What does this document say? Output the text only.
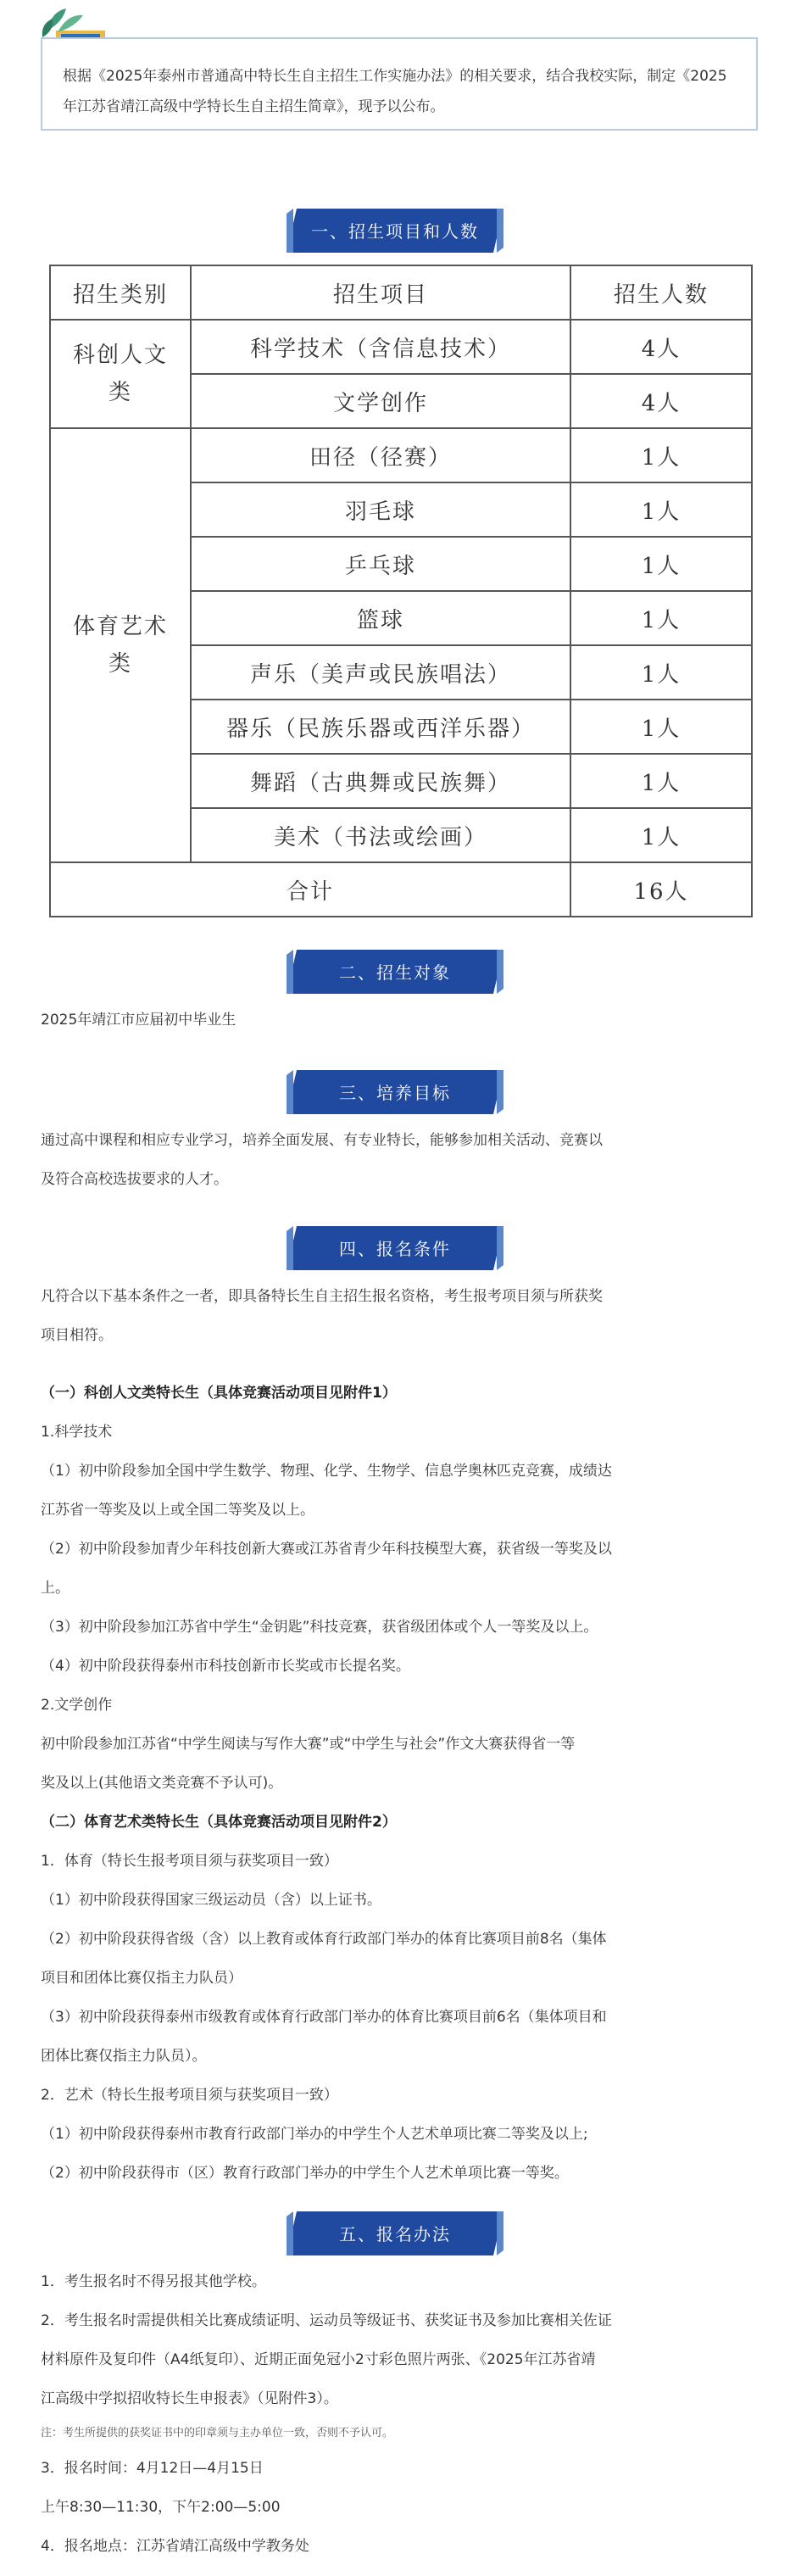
根据《2025年泰州市普通高中特长生自主招生工作实施办法》的相关要求，结合我校实际，制定《2025年江苏省靖江高级中学特长生自主招生简章》，现予以公布。
一、招生项目和人数
招生类别	招生项目	招生人数
科创人文类	科学技术（含信息技术）	4人
	文学创作	4人
体育艺术类	田径（径赛）	1人
	羽毛球	1人
	乒乓球	1人
	篮球	1人
	声乐（美声或民族唱法）	1人
	器乐（民族乐器或西洋乐器）	1人
	舞蹈（古典舞或民族舞）	1人
	美术（书法或绘画）	1人
合计		16人
二、招生对象
2025年靖江市应届初中毕业生
三、培养目标
通过高中课程和相应专业学习，培养全面发展、有专业特长，能够参加相关活动、竞赛以
及符合高校选拔要求的人才。
四、报名条件
凡符合以下基本条件之一者，即具备特长生自主招生报名资格，考生报考项目须与所获奖
项目相符。
（一）科创人文类特长生（具体竞赛活动项目见附件1）
1.科学技术
（1）初中阶段参加全国中学生数学、物理、化学、生物学、信息学奥林匹克竞赛，成绩达
江苏省一等奖及以上或全国二等奖及以上。
（2）初中阶段参加青少年科技创新大赛或江苏省青少年科技模型大赛，获省级一等奖及以
上。
（3）初中阶段参加江苏省中学生“金钥匙”科技竞赛，获省级团体或个人一等奖及以上。
（4）初中阶段获得泰州市科技创新市长奖或市长提名奖。
2.文学创作
初中阶段参加江苏省“中学生阅读与写作大赛”或“中学生与社会”作文大赛获得省一等
奖及以上(其他语文类竞赛不予认可)。
（二）体育艺术类特长生（具体竞赛活动项目见附件2）
1．体育（特长生报考项目须与获奖项目一致）
（1）初中阶段获得国家三级运动员（含）以上证书。
（2）初中阶段获得省级（含）以上教育或体育行政部门举办的体育比赛项目前8名（集体
项目和团体比赛仅指主力队员）
（3）初中阶段获得泰州市级教育或体育行政部门举办的体育比赛项目前6名（集体项目和
团体比赛仅指主力队员）。
2．艺术（特长生报考项目须与获奖项目一致）
（1）初中阶段获得泰州市教育行政部门举办的中学生个人艺术单项比赛二等奖及以上;
（2）初中阶段获得市（区）教育行政部门举办的中学生个人艺术单项比赛一等奖。
五、报名办法
1．考生报名时不得另报其他学校。
2．考生报名时需提供相关比赛成绩证明、运动员等级证书、获奖证书及参加比赛相关佐证
材料原件及复印件（A4纸复印）、近期正面免冠小2寸彩色照片两张、《2025年江苏省靖
江高级中学拟招收特长生申报表》（见附件3）。
注：考生所提供的获奖证书中的印章须与主办单位一致，否则不予认可。
3．报名时间：4月12日—4月15日
上午8:30—11:30，下午2:00—5:00
4．报名地点：江苏省靖江高级中学教务处
